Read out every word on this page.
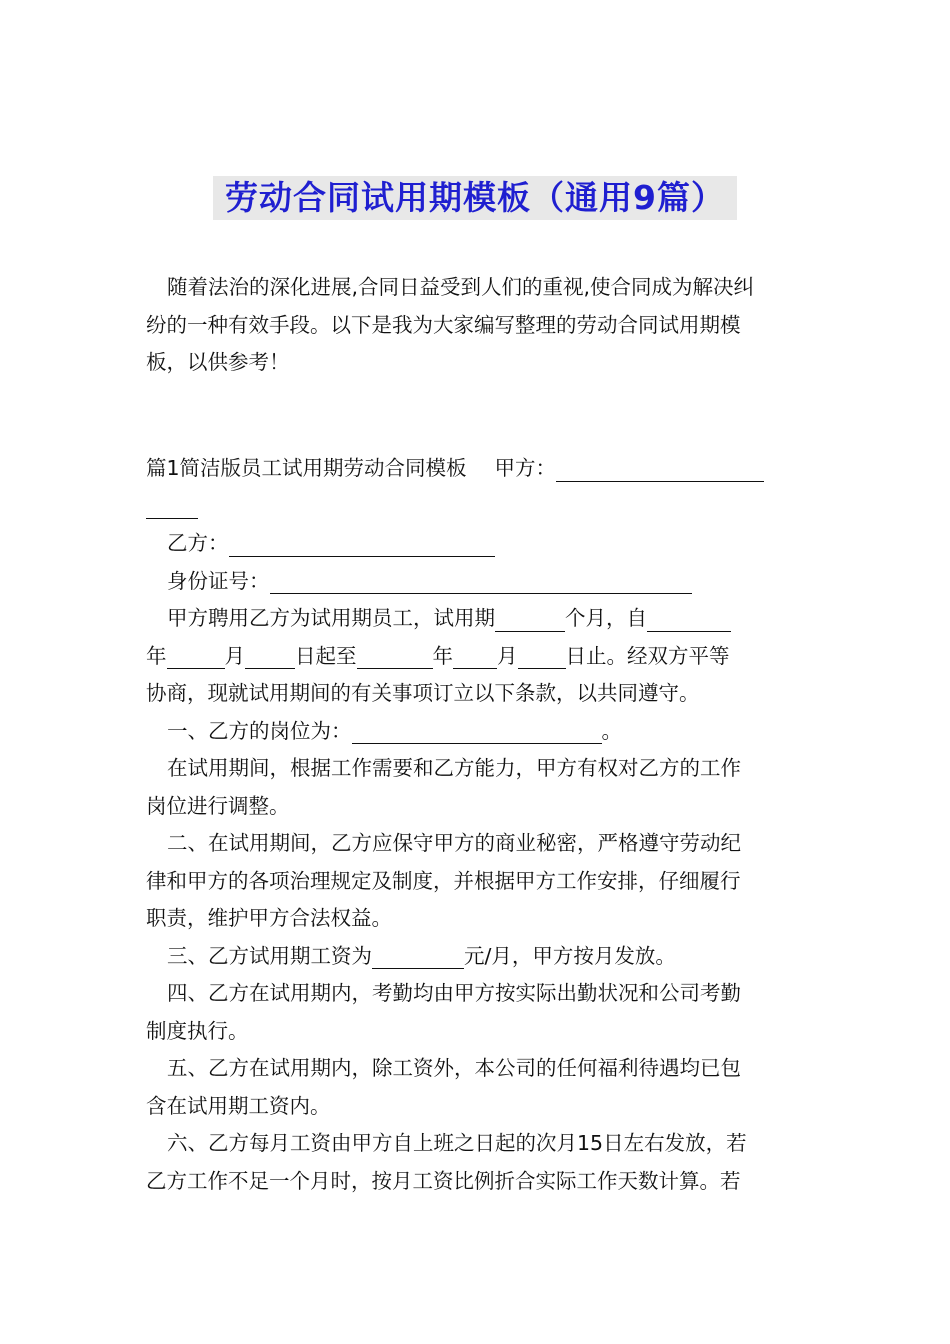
劳动合同试用期模板（通用9篇）
随着法治的深化进展,合同日益受到人们的重视,使合同成为解决纠
纷的一种有效手段。以下是我为大家编写整理的劳动合同试用期模
板，以供参考！
篇1简洁版员工试用期劳动合同模板 甲方：
乙方：
身份证号：
甲方聘用乙方为试用期员工，试用期	个月，自
年	月 日起至	年 月 日止。经双方平等
协商，现就试用期间的有关事项订立以下条款，以共同遵守。
一、乙方的岗位为：	。
在试用期间，根据工作需要和乙方能力，甲方有权对乙方的工作
岗位进行调整。
二、在试用期间，乙方应保守甲方的商业秘密，严格遵守劳动纪
律和甲方的各项治理规定及制度，并根据甲方工作安排，仔细履行
职责，维护甲方合法权益。
三、乙方试用期工资为	元/月，甲方按月发放。
四、乙方在试用期内，考勤均由甲方按实际出勤状况和公司考勤
制度执行。
五、乙方在试用期内，除工资外，本公司的任何福利待遇均已包
含在试用期工资内。
六、乙方每月工资由甲方自上班之日起的次月15日左右发放，若
乙方工作不足一个月时，按月工资比例折合实际工作天数计算。若
